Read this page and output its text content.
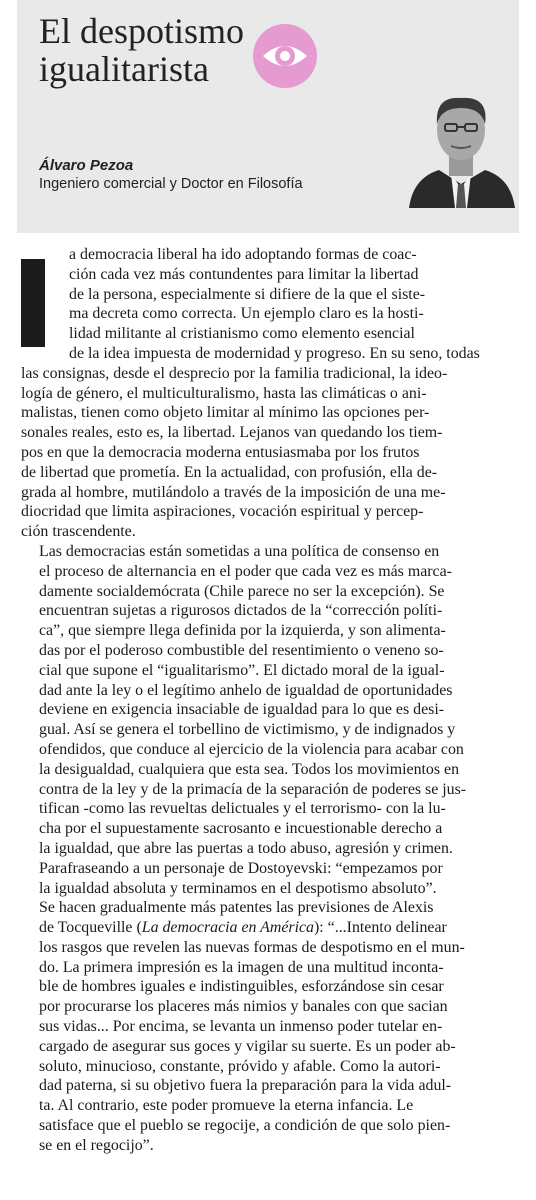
El despotismo
igualitarista
Álvaro Pezoa
Ingeniero comercial y Doctor en Filosofía

a democracia liberal ha ido adoptando formas de coac-
ción cada vez más contundentes para limitar la libertad
de la persona, especialmente si difiere de la que el siste-
ma decreta como correcta. Un ejemplo claro es la hosti-
lidad militante al cristianismo como elemento esencial
de la idea impuesta de modernidad y progreso. En su seno, todas
las consignas, desde el desprecio por la familia tradicional, la ideo-
logía de género, el multiculturalismo, hasta las climáticas o ani-
malistas, tienen como objeto limitar al mínimo las opciones per-
sonales reales, esto es, la libertad. Lejanos van quedando los tiem-
pos en que la democracia moderna entusiasmaba por los frutos
de libertad que prometía. En la actualidad, con profusión, ella de-
grada al hombre, mutilándolo a través de la imposición de una me-
diocridad que limita aspiraciones, vocación espiritual y percep-
ción trascendente.

Las democracias están sometidas a una política de consenso en
el proceso de alternancia en el poder que cada vez es más marca-
damente socialdemócrata (Chile parece no ser la excepción). Se
encuentran sujetas a rigurosos dictados de la “corrección políti-
ca”, que siempre llega definida por la izquierda, y son alimenta-
das por el poderoso combustible del resentimiento o veneno so-
cial que supone el “igualitarismo”. El dictado moral de la igual-
dad ante la ley o el legítimo anhelo de igualdad de oportunidades
deviene en exigencia insaciable de igualdad para lo que es desi-
gual. Así se genera el torbellino de victimismo, y de indignados y
ofendidos, que conduce al ejercicio de la violencia para acabar con
la desigualdad, cualquiera que esta sea. Todos los movimientos en
contra de la ley y de la primacía de la separación de poderes se jus-
tifican -como las revueltas delictuales y el terrorismo- con la lu-
cha por el supuestamente sacrosanto e incuestionable derecho a
la igualdad, que abre las puertas a todo abuso, agresión y crimen.
Parafraseando a un personaje de Dostoyevski: “empezamos por
la igualdad absoluta y terminamos en el despotismo absoluto”.

Se hacen gradualmente más patentes las previsiones de Alexis
de Tocqueville (La democracia en América): “...Intento delinear
los rasgos que revelen las nuevas formas de despotismo en el mun-
do. La primera impresión es la imagen de una multitud inconta-
ble de hombres iguales e indistinguibles, esforzándose sin cesar
por procurarse los placeres más nimios y banales con que sacian
sus vidas... Por encima, se levanta un inmenso poder tutelar en-
cargado de asegurar sus goces y vigilar su suerte. Es un poder ab-
soluto, minucioso, constante, próvido y afable. Como la autori-
dad paterna, si su objetivo fuera la preparación para la vida adul-
ta. Al contrario, este poder promueve la eterna infancia. Le
satisface que el pueblo se regocije, a condición de que solo pien-
se en el regocijo”.
